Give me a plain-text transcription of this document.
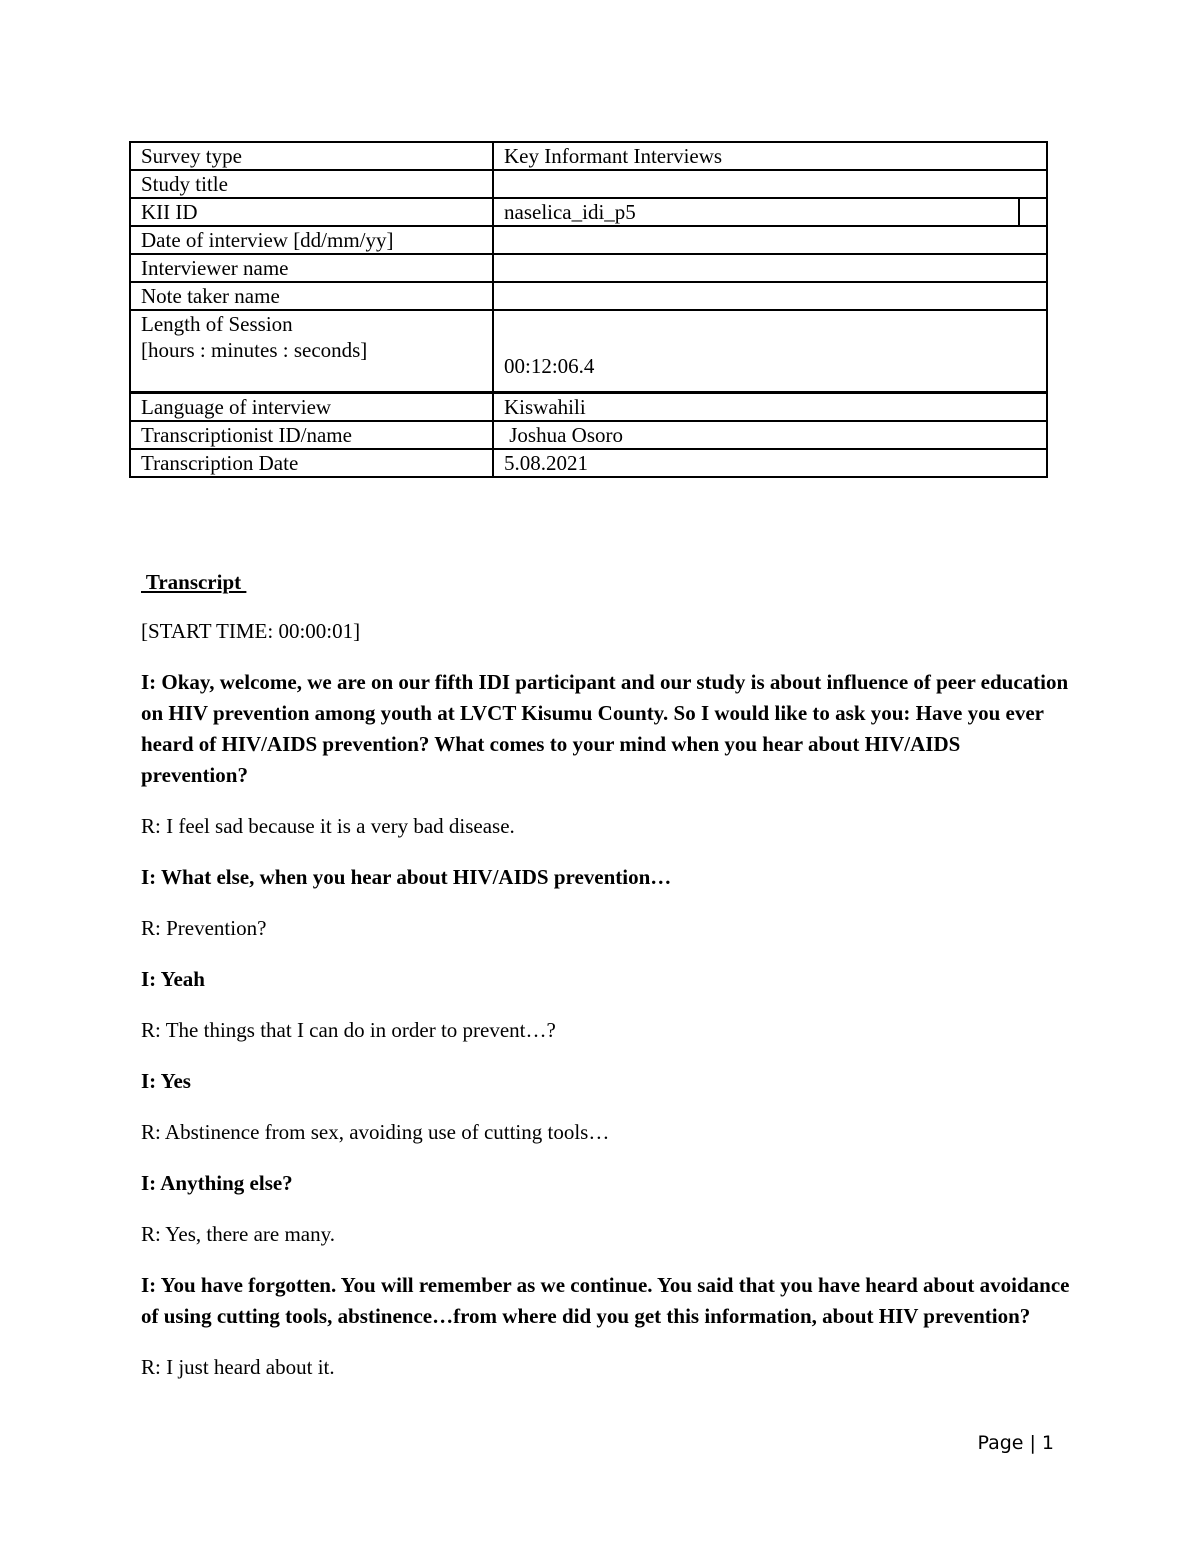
Survey type	Key Informant Interviews
Study title	
KII ID	naselica_idi_p5

Date of interview [dd/mm/yy]	
Interviewer name	
Note taker name	

Length of Session
[hours : minutes : seconds]	00:12:06.4
Language of interview	Kiswahili
Transcriptionist ID/name	Joshua Osoro
Transcription Date	5.08.2021
Transcript
[START TIME: 00:00:01]
I: Okay, welcome, we are on our fifth IDI participant and our study is about influence of peer education on HIV prevention among youth at LVCT Kisumu County. So I would like to ask you: Have you ever heard of HIV/AIDS prevention? What comes to your mind when you hear about HIV/AIDS prevention?
R: I feel sad because it is a very bad disease.
I: What else, when you hear about HIV/AIDS prevention…
R: Prevention?
I: Yeah
R: The things that I can do in order to prevent…?
I: Yes
R: Abstinence from sex, avoiding use of cutting tools…
I: Anything else?
R: Yes, there are many.
I: You have forgotten. You will remember as we continue. You said that you have heard about avoidance of using cutting tools, abstinence…from where did you get this information, about HIV prevention?
R: I just heard about it.
Page | 1
